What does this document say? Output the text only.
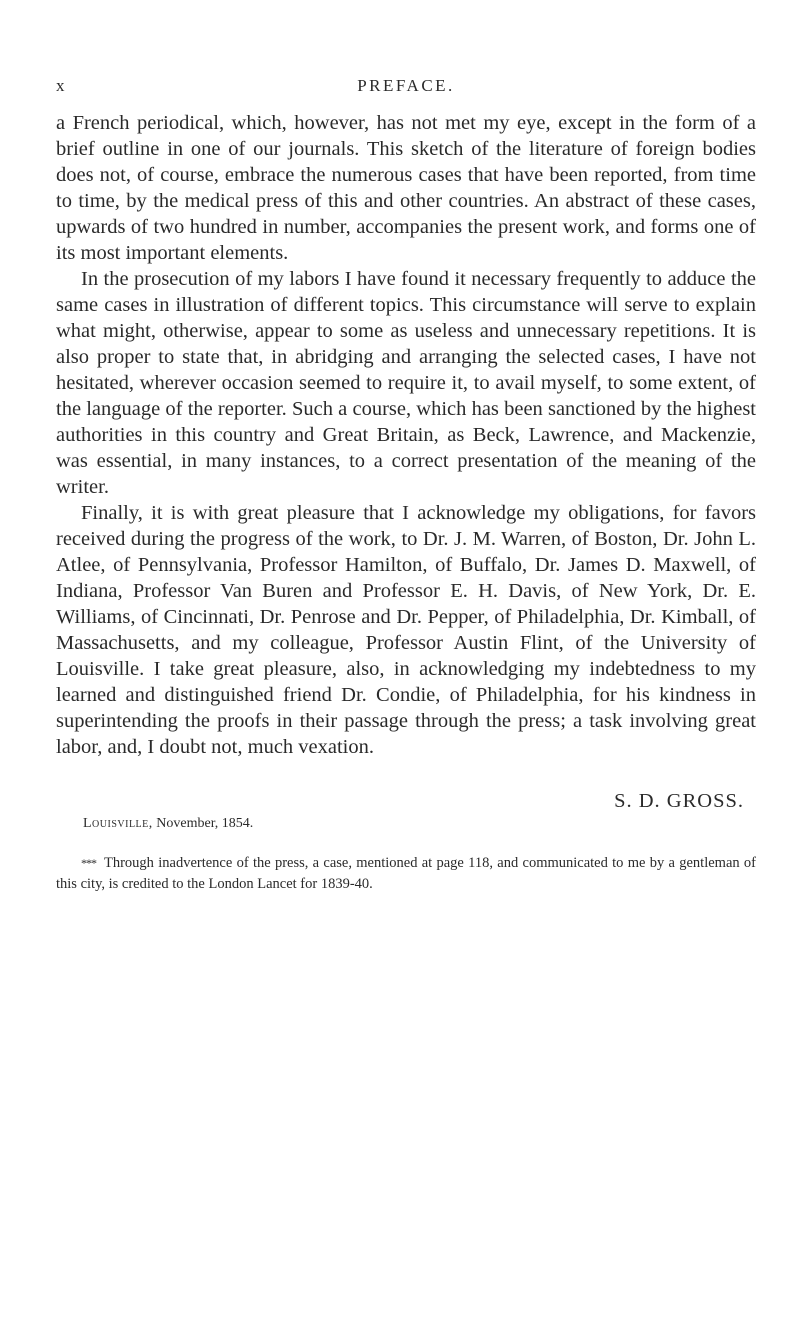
x	PREFACE.

a French periodical, which, however, has not met my eye, except in the form of a brief outline in one of our journals. This sketch of the literature of foreign bodies does not, of course, embrace the numerous cases that have been reported, from time to time, by the medical press of this and other countries. An abstract of these cases, upwards of two hundred in number, accompanies the present work, and forms one of its most important elements.

In the prosecution of my labors I have found it necessary frequently to adduce the same cases in illustration of different topics. This circumstance will serve to explain what might, otherwise, appear to some as useless and unnecessary repetitions. It is also proper to state that, in abridging and arranging the selected cases, I have not hesitated, wherever occasion seemed to require it, to avail myself, to some extent, of the language of the reporter. Such a course, which has been sanctioned by the highest authorities in this country and Great Britain, as Beck, Lawrence, and Mackenzie, was essential, in many instances, to a correct presentation of the meaning of the writer.

Finally, it is with great pleasure that I acknowledge my obligations, for favors received during the progress of the work, to Dr. J. M. Warren, of Boston, Dr. John L. Atlee, of Pennsylvania, Professor Hamilton, of Buffalo, Dr. James D. Maxwell, of Indiana, Professor Van Buren and Professor E. H. Davis, of New York, Dr. E. Williams, of Cincinnati, Dr. Penrose and Dr. Pepper, of Philadelphia, Dr. Kimball, of Massachusetts, and my colleague, Professor Austin Flint, of the University of Louisville. I take great pleasure, also, in acknowledging my indebtedness to my learned and distinguished friend Dr. Condie, of Philadelphia, for his kindness in superintending the proofs in their passage through the press; a task involving great labor, and, I doubt not, much vexation.

S. D. GROSS.
Louisville, November, 1854.

*** Through inadvertence of the press, a case, mentioned at page 118, and communicated to me by a gentleman of this city, is credited to the London Lancet for 1839-40.
